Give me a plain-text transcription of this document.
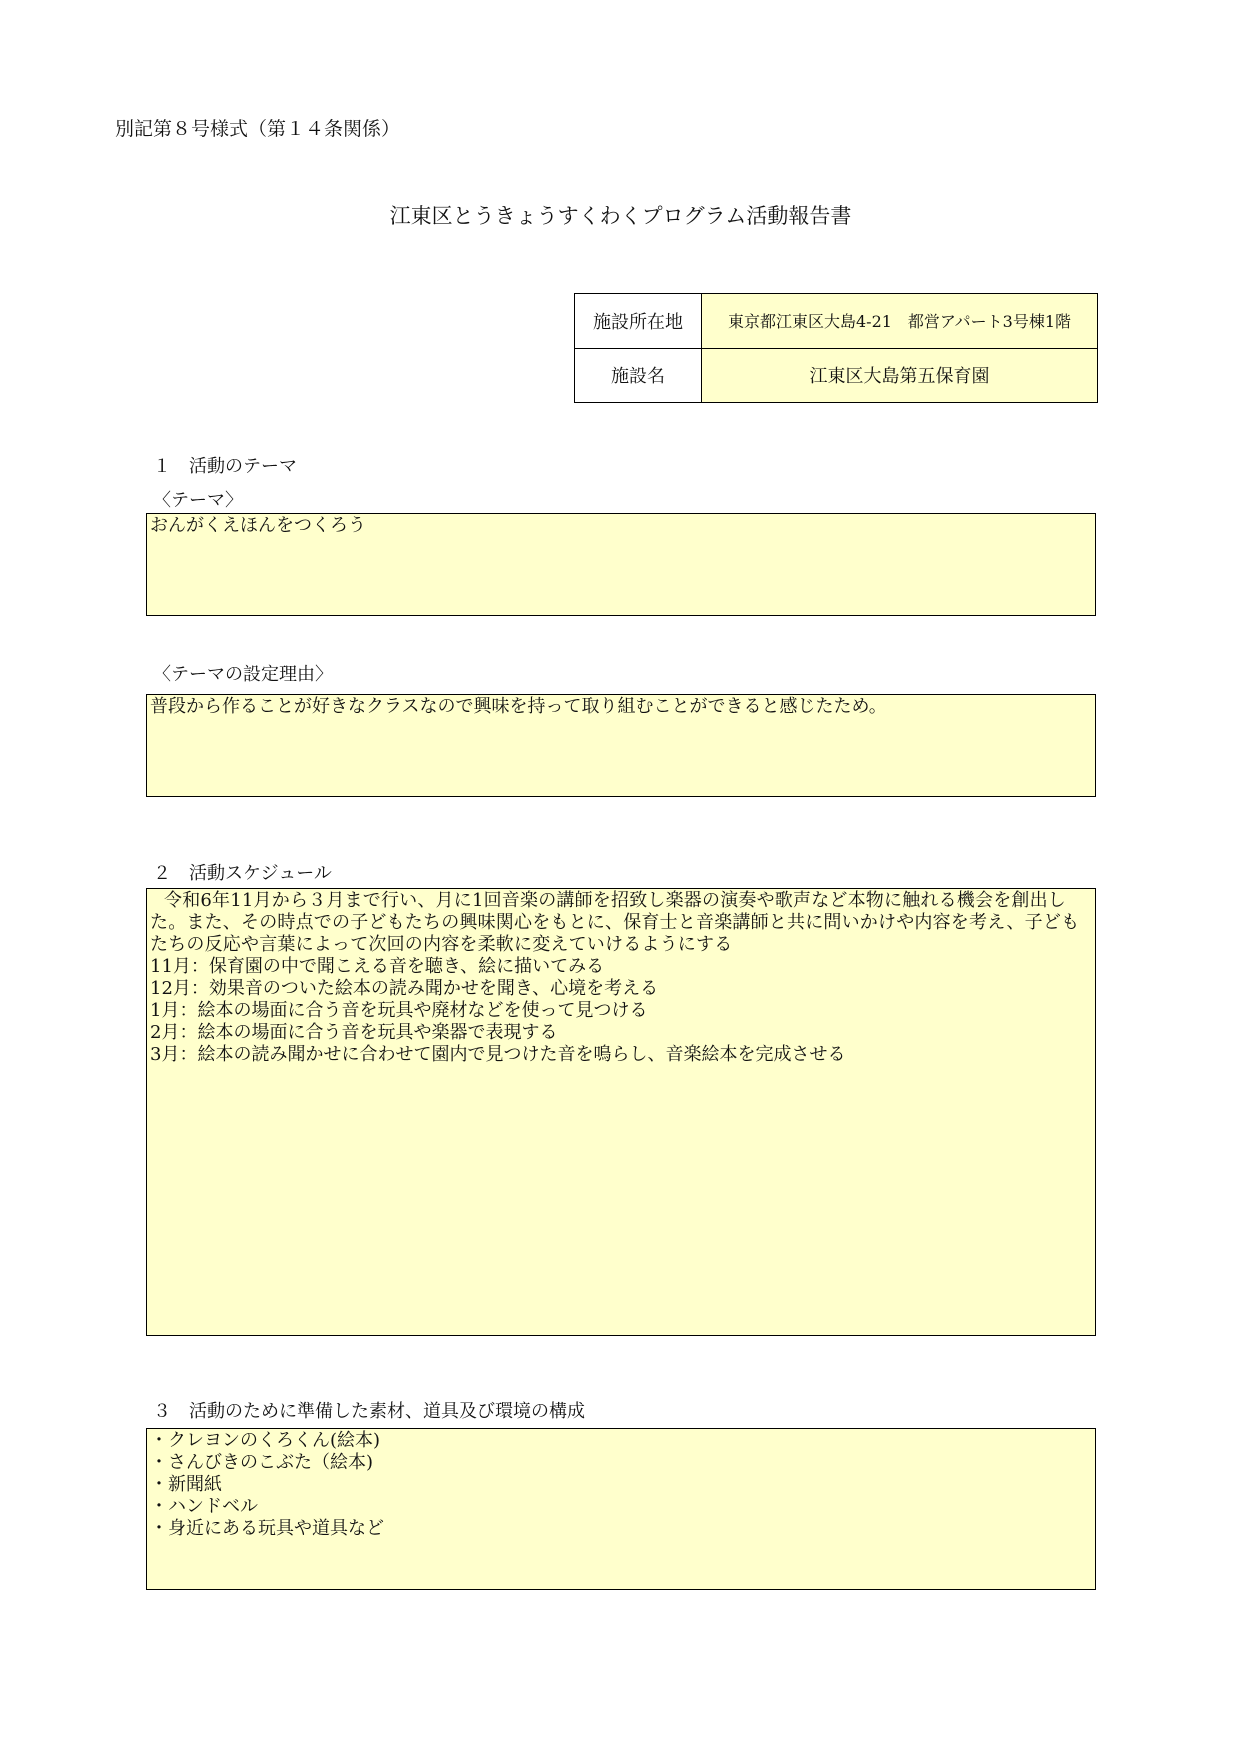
別記第８号様式（第１４条関係）
江東区とうきょうすくわくプログラム活動報告書
施設所在地	東京都江東区大島4-21　都営アパート3号棟1階
施設名	江東区大島第五保育園
１　活動のテーマ
〈テーマ〉

おんがくえほんをつくろう

〈テーマの設定理由〉

普段から作ることが好きなクラスなので興味を持って取り組むことができると感じたため。

２　活動スケジュール

令和6年11月から３月まで行い、月に1回音楽の講師を招致し楽器の演奏や歌声など本物に触れる機会を創出した。また、その時点での子どもたちの興味関心をもとに、保育士と音楽講師と共に問いかけや内容を考え、子どもたちの反応や言葉によって次回の内容を柔軟に変えていけるようにする

11月：保育園の中で聞こえる音を聴き、絵に描いてみる

12月：効果音のついた絵本の読み聞かせを聞き、心境を考える

1月：絵本の場面に合う音を玩具や廃材などを使って見つける

2月：絵本の場面に合う音を玩具や楽器で表現する

3月：絵本の読み聞かせに合わせて園内で見つけた音を鳴らし、音楽絵本を完成させる

３　活動のために準備した素材、道具及び環境の構成

・クレヨンのくろくん(絵本)

・さんびきのこぶた（絵本)

・新聞紙

・ハンドベル

・身近にある玩具や道具など
